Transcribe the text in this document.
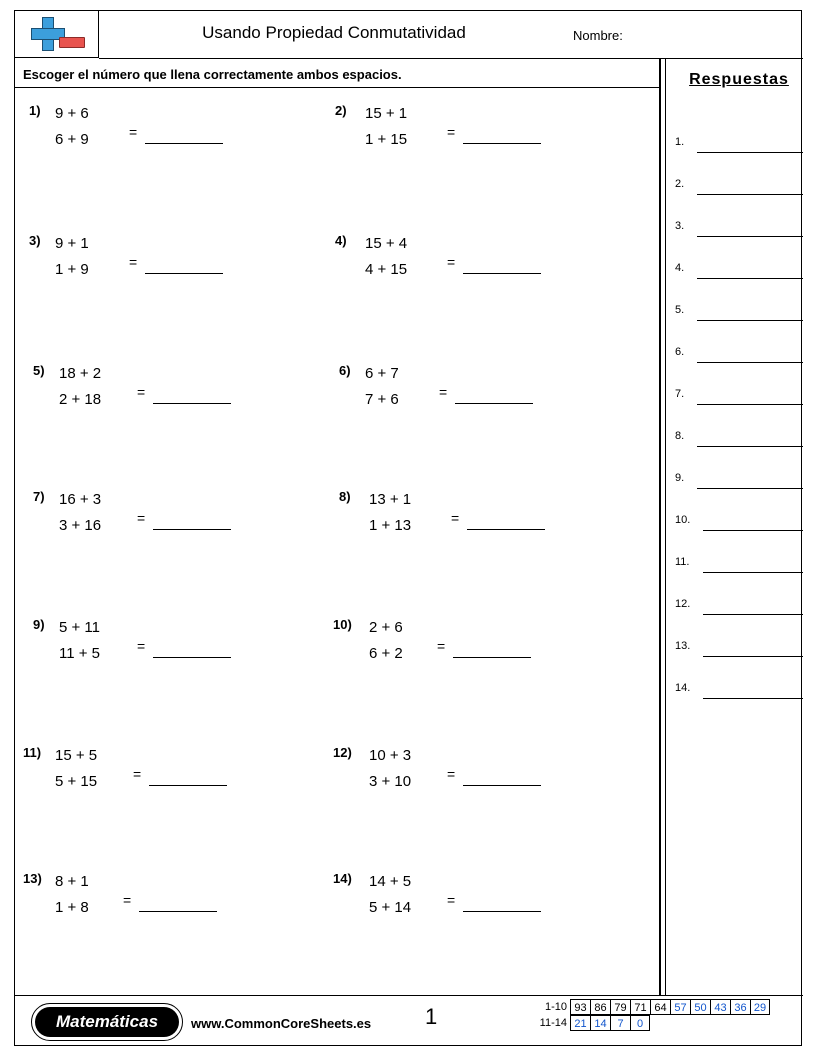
Usando Propiedad Conmutatividad	Nombre:
Escoger el número que llena correctamente ambos espacios.	Respuestas
1.
2.
3.
4.
5.
6.
7.
8.
9.
10.
11.
12.
13.
14.
1) 9 + 6
6 + 9	=
3) 9 + 1
1 + 9	=
5) 18 + 2
2 + 18	=
7) 16 + 3
3 + 16	=
9) 5 + 11
11 + 5	=
11) 15 + 5
5 + 15	=
13) 8 + 1
1 + 8 =
2) 15 + 1
1 + 15	=
4) 15 + 4
4 + 15	=
6) 6 + 7
7 + 6	=
8) 13 + 1
1 + 13	=
10) 2 + 6
6 + 2 =
12) 10 + 3
3 + 10	=
14) 14 + 5
5 + 14	=
Matemáticas	www.CommonCoreSheets.es 1	1-10 93 86 79 71 64 57 50 43 36 29
11-14 21 14 7 0
